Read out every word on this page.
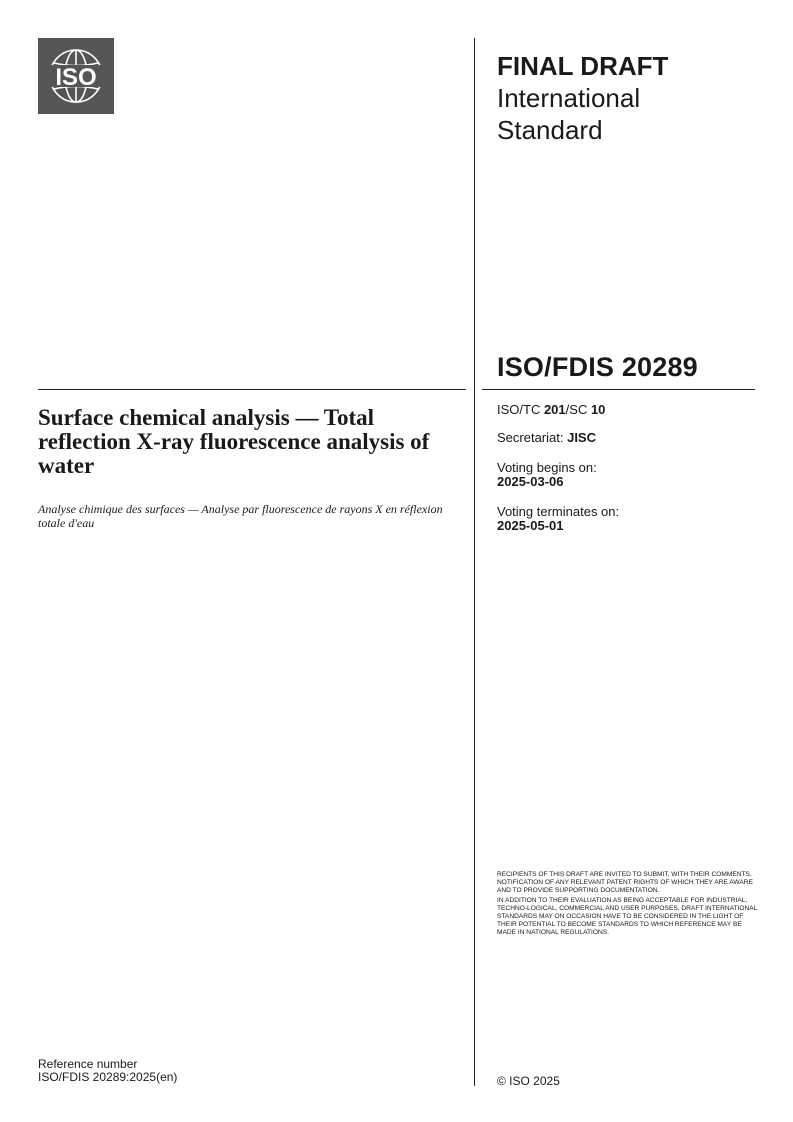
ISO	FINAL DRAFT
International
Standard
ISO/FDIS 20289
Surface chemical analysis — Total reflection X-ray fluorescence analysis of water
Analyse chimique des surfaces — Analyse par fluorescence de rayons X en réflexion totale d'eau
ISO/TC 201/SC 10
Secretariat: JISC
Voting begins on:
2025-03-06
Voting terminates on:
2025-05-01

RECIPIENTS OF THIS DRAFT ARE INVITED TO SUBMIT, WITH THEIR COMMENTS, NOTIFICATION OF ANY RELEVANT PATENT RIGHTS OF WHICH THEY ARE AWARE AND TO PROVIDE SUPPORTING DOCUMENTATION.

IN ADDITION TO THEIR EVALUATION AS BEING ACCEPTABLE FOR INDUSTRIAL, TECHNO-LOGICAL, COMMERCIAL AND USER PURPOSES, DRAFT INTERNATIONAL STANDARDS MAY ON OCCASION HAVE TO BE CONSIDERED IN THE LIGHT OF THEIR POTENTIAL TO BECOME STANDARDS TO WHICH REFERENCE MAY BE MADE IN NATIONAL REGULATIONS.

Reference number
ISO/FDIS 20289:2025(en)	© ISO 2025
